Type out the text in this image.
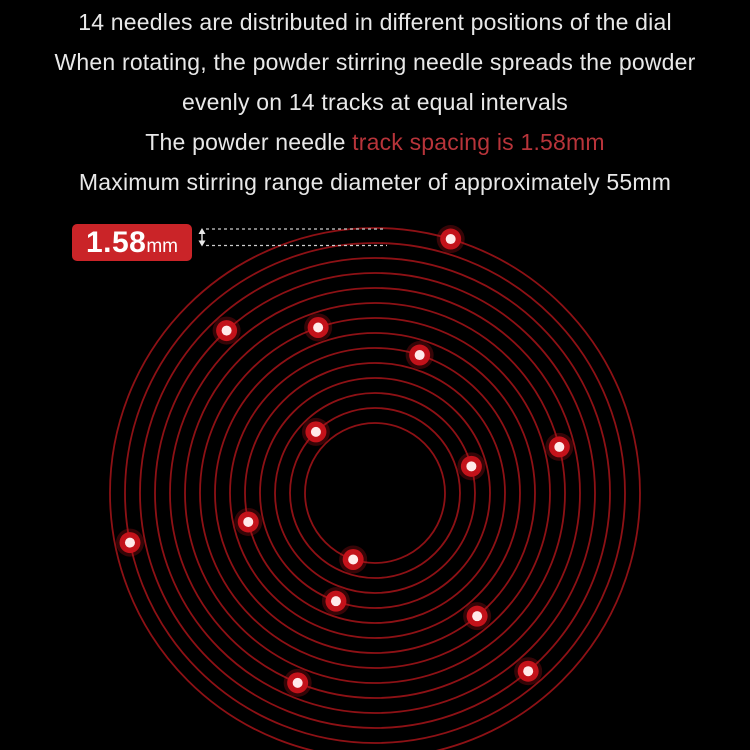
14 needles are distributed in different positions of the dial
When rotating, the powder stirring needle spreads the powder
evenly on 14 tracks at equal intervals
The powder needle track spacing is 1.58mm
Maximum stirring range diameter of approximately 55mm
1.58mm
